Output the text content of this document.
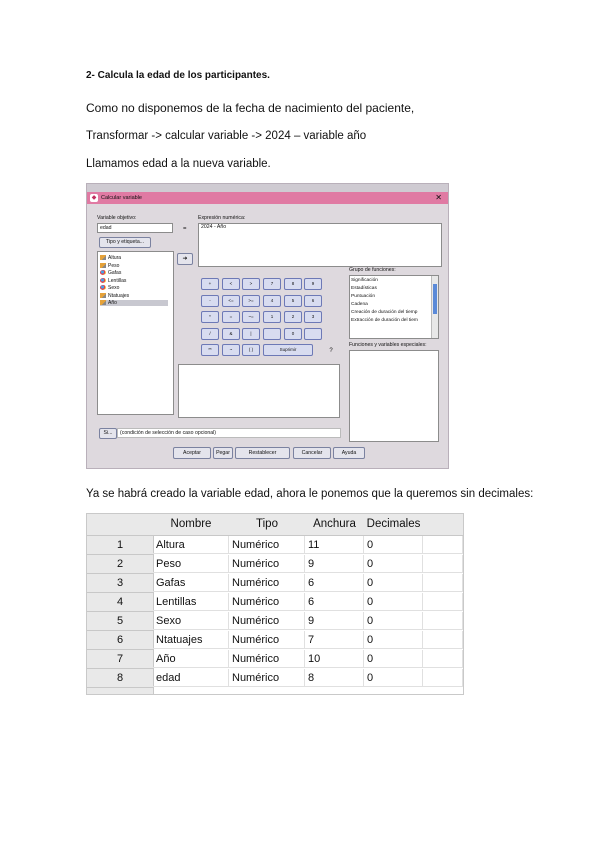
2- Calcula la edad de los participantes.
Como no disponemos de la fecha de nacimiento del paciente,
Transformar -> calcular variable -> 2024 – variable año
Llamamos edad a la nueva variable.
◆ Calcular variable	✕
Variable objetivo:
edad	=
Tipo y etiqueta...
Expresión numérica:
2024 - Año
Altura
Peso
Gafas
Lentillas
Sexo
Ntatuajes
Año
➜
+	<	>	7	8	9
-	<=	>=	4	5	6
*	=	~=	1	2	3
/	&	|	0
**	~	( )	Suprimir	?
Grupo de funciones:
Significación
Estadísticas
Puntuación
Cadena
Creación de duración del tiemp
Extracción de duración del tiem
Funciones y variables especiales:
Si...	(condición de selección de caso opcional)
Aceptar	Pegar	Restablecer	Cancelar	Ayuda
Ya se habrá creado la variable edad, ahora le ponemos que la queremos sin decimales:
Nombre	Tipo	Anchura Decimales
1	Altura	Numérico	11	0
2	Peso	Numérico	9	0
3	Gafas	Numérico	6	0
4	Lentillas	Numérico	6	0
5	Sexo	Numérico	9	0
6	Ntatuajes	Numérico	7	0
7	Año	Numérico	10	0
8	edad	Numérico	8	0
